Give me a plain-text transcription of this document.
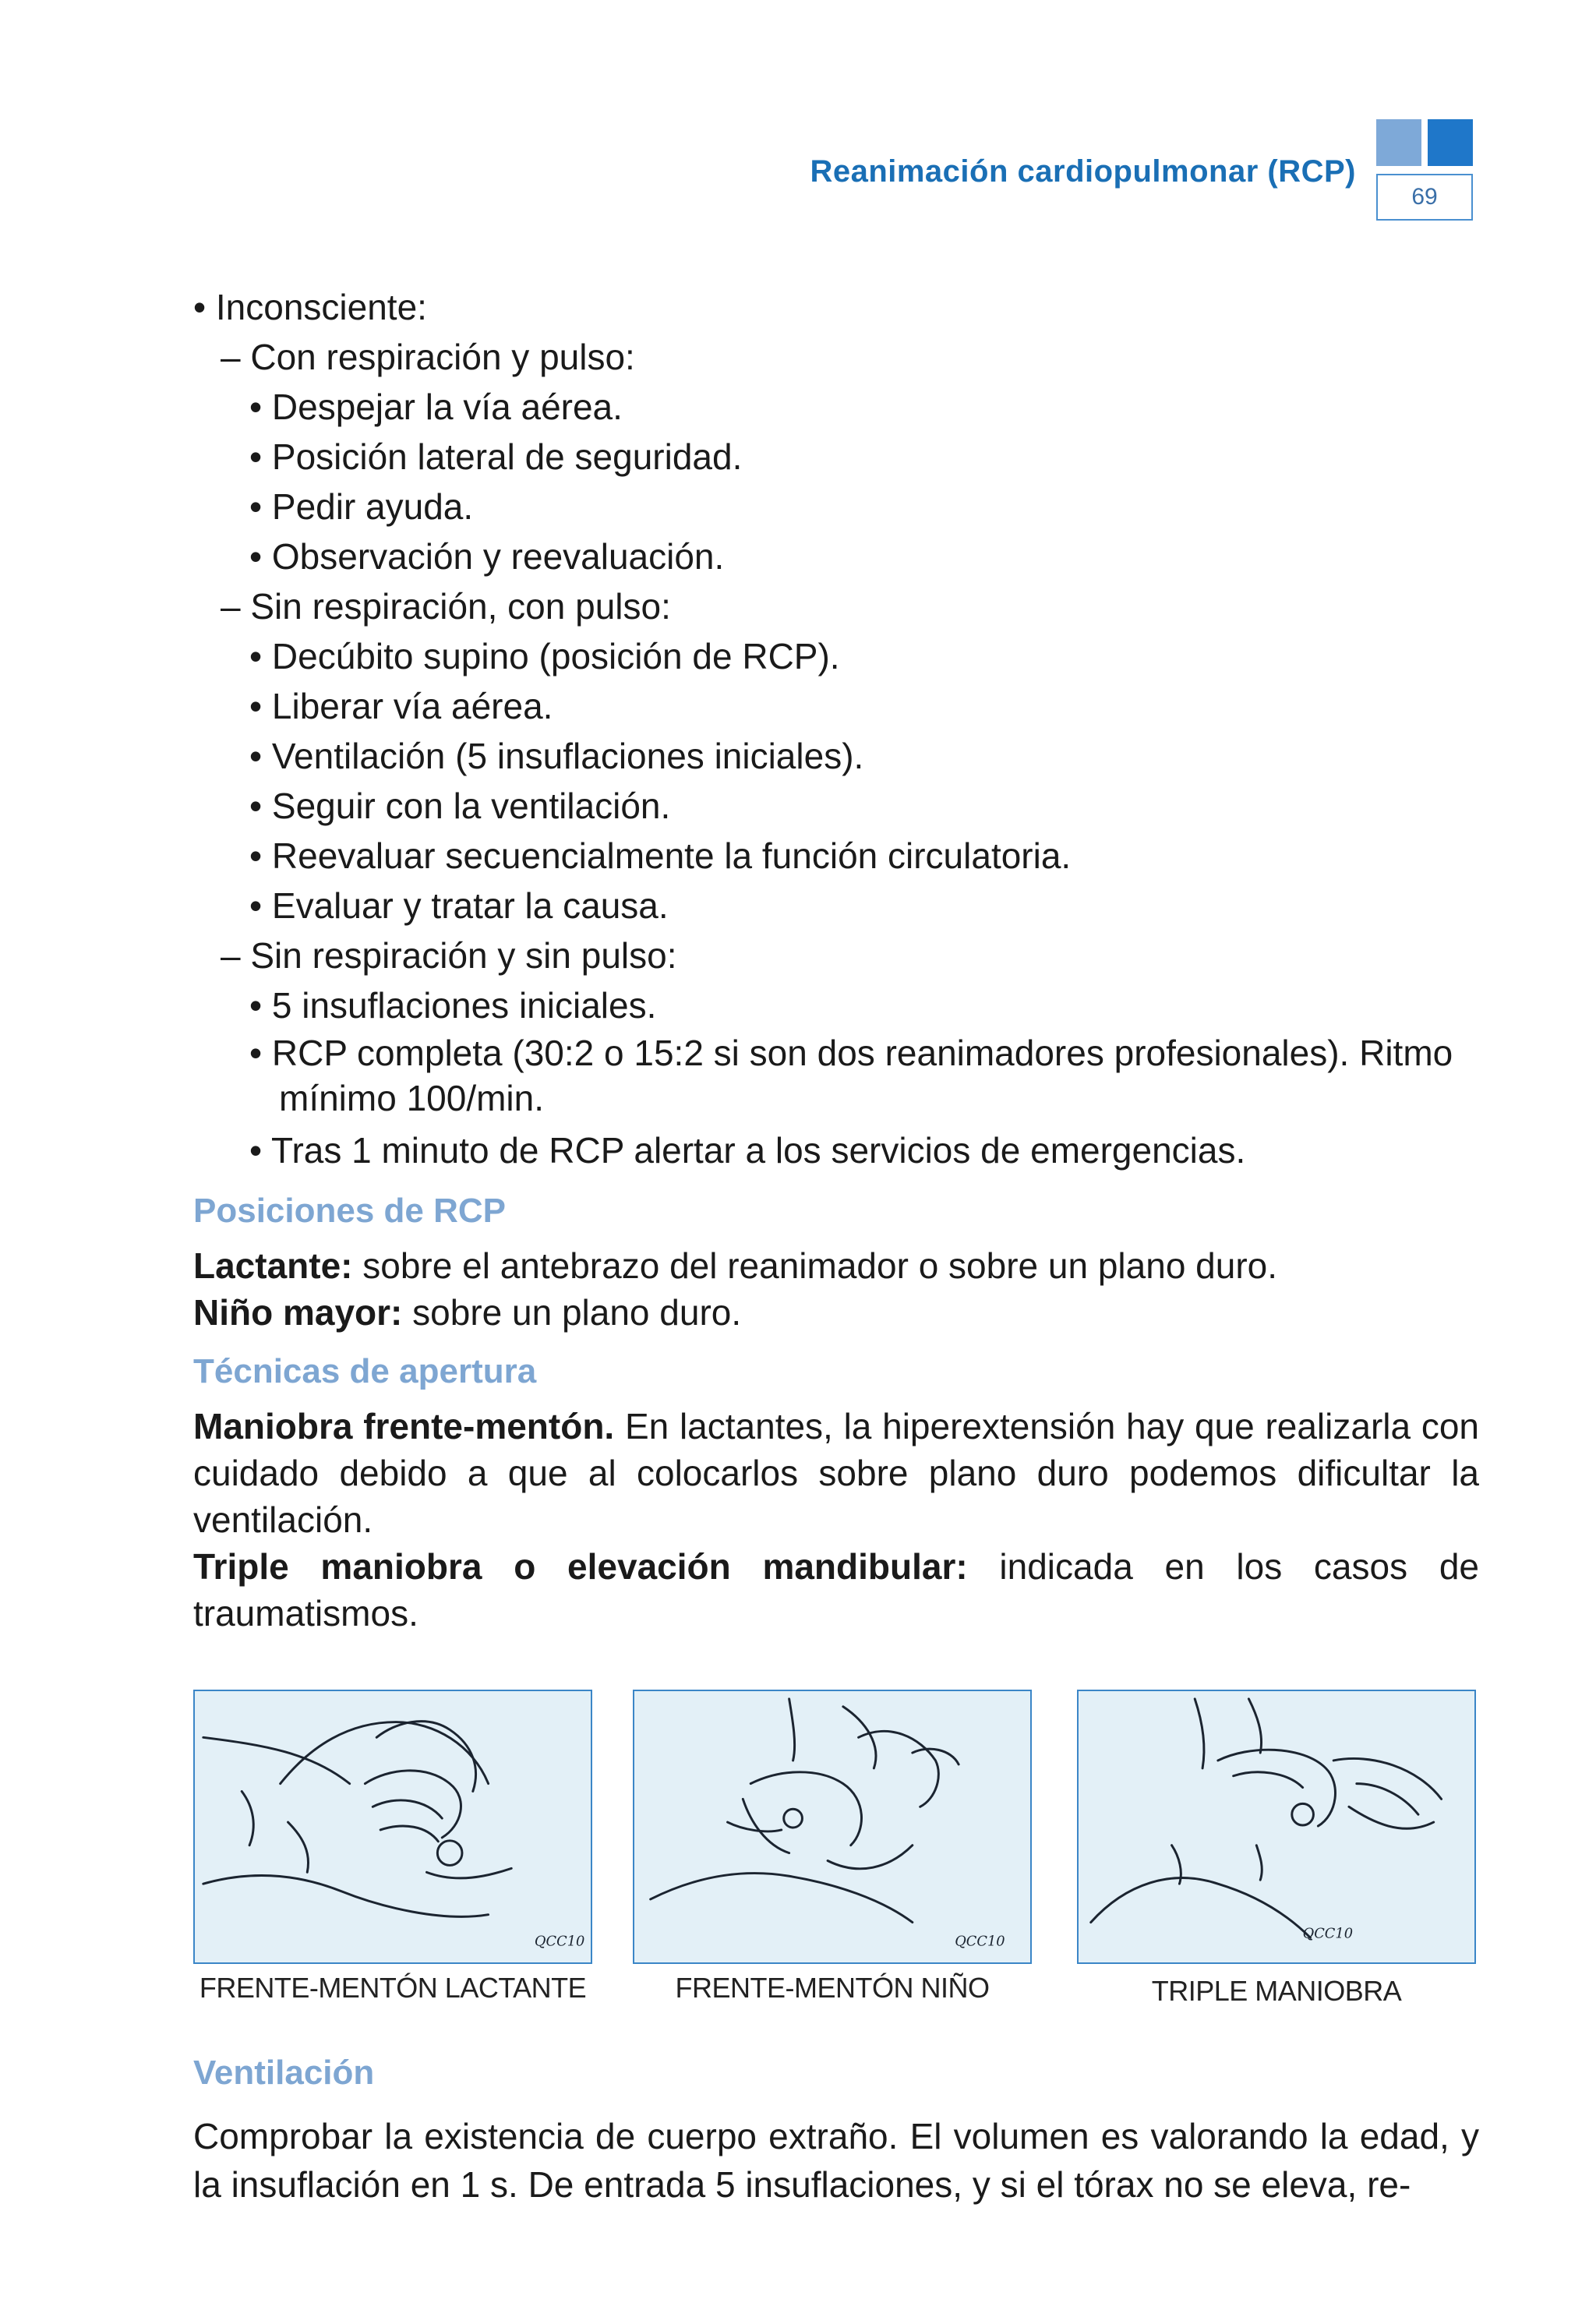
Reanimación cardiopulmonar (RCP)
69

• Inconsciente:

– Con respiración y pulso:

• Despejar la vía aérea.

• Posición lateral de seguridad.

• Pedir ayuda.

• Observación y reevaluación.

– Sin respiración, con pulso:

• Decúbito supino (posición de RCP).

• Liberar vía aérea.

• Ventilación (5 insuflaciones iniciales).

• Seguir con la ventilación.

• Reevaluar secuencialmente la función circulatoria.

• Evaluar y tratar la causa.

– Sin respiración y sin pulso:

• 5 insuflaciones iniciales.

• RCP completa (30:2 o 15:2 si son dos reanimadores profesionales). Ritmo mínimo 100/min.

• Tras 1 minuto de RCP alertar a los servicios de emergencias.

Posiciones de RCP

Lactante: sobre el antebrazo del reanimador o sobre un plano duro.

Niño mayor: sobre un plano duro.

Técnicas de apertura

Maniobra frente-mentón. En lactantes, la hiperextensión hay que realizarla con cuidado debido a que al colocarlos sobre plano duro podemos dificultar la ventilación.

Triple maniobra o elevación mandibular: indicada en los casos de traumatismos.

QCC10	QCC10	QCC10
FRENTE-MENTÓN LACTANTE	FRENTE-MENTÓN NIÑO	TRIPLE MANIOBRA
Ventilación

Comprobar la existencia de cuerpo extraño. El volumen es valorando la edad, y la insuflación en 1 s. De entrada 5 insuflaciones, y si el tórax no se eleva, re-
